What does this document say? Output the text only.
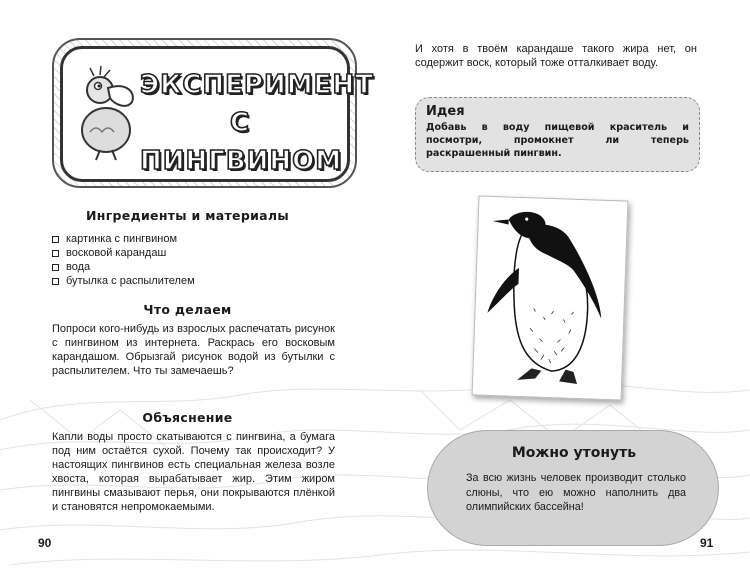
ЭКСПЕРИМЕНТ
С ПИНГВИНОМ
Ингредиенты и материалы
картинка с пингвином
восковой карандаш
вода
бутылка с распылителем
Что делаем

Попроси кого-нибудь из взрослых распечатать рисунок с пингвином из интернета. Раскрась его восковым карандашом. Обрызгай рисунок водой из бутылки с распылителем. Что ты замечаешь?

Объяснение

Капли воды просто скатываются с пингвина, а бумага под ним остаётся сухой. Почему так происходит? У настоящих пингвинов есть специальная железа возле хвоста, которая вырабатывает жир. Этим жиром пингвины смазывают перья, они покрываются плёнкой и становятся непромокаемыми.

90

И хотя в твоём карандаше такого жира нет, он содержит воск, который тоже отталкивает воду.

Идея
Добавь в воду пищевой краситель и посмотри, промокнет ли теперь раскрашенный пингвин.
Можно утонуть
За всю жизнь человек производит столько слюны, что ею можно наполнить два олимпийских бассейна!
91
